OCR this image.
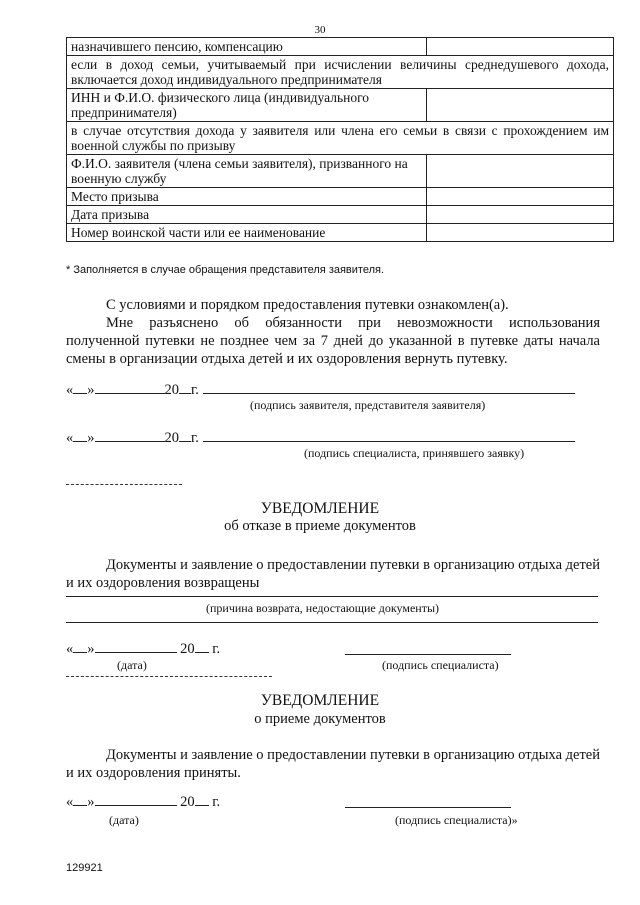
30
назначившего пенсию, компенсацию	
если в доход семьи, учитываемый при исчислении величины среднедушевого дохода, включается доход индивидуального предпринимателя	
ИНН и Ф.И.О. физического лица (индивидуального предпринимателя)	
в случае отсутствия дохода у заявителя или члена его семьи в связи с прохождением им военной службы по призыву	
Ф.И.О. заявителя (члена семьи заявителя), призванного на военную службу	
Место призыва	
Дата призыва	
Номер воинской части или ее наименование	
* Заполняется в случае обращения представителя заявителя.

С условиями и порядком предоставления путевки ознакомлен(а).

Мне разъяснено об обязанности при невозможности использования полученной путевки не позднее чем за 7 дней до указанной в путевке даты начала смены в организации отдыха детей и их оздоровления вернуть путевку.

« »	20 г.
(подпись заявителя, представителя заявителя)
« »	20 г.
(подпись специалиста, принявшего заявку)
УВЕДОМЛЕНИЕ
об отказе в приеме документов

Документы и заявление о предоставлении путевки в организацию отдыха детей и их оздоровления возвращены

(причина возврата, недостающие документы)
« »	20 г.
(дата)	(подпись специалиста)
УВЕДОМЛЕНИЕ
о приеме документов

Документы и заявление о предоставлении путевки в организацию отдыха детей и их оздоровления приняты.

« »	20 г.
(дата)	(подпись специалиста)»
129921
